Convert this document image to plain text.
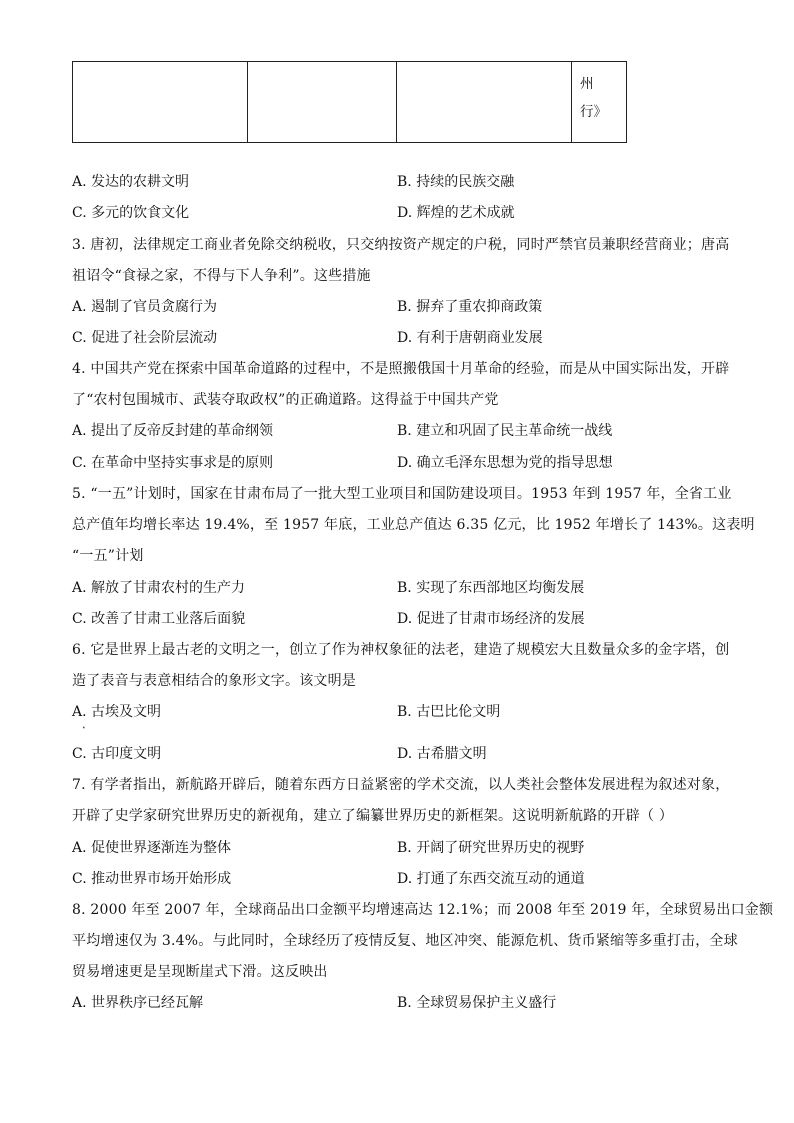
州
行》
A. 发达的农耕文明	B. 持续的民族交融
C. 多元的饮食文化	D. 辉煌的艺术成就
3. 唐初，法律规定工商业者免除交纳税收，只交纳按资产规定的户税，同时严禁官员兼职经营商业；唐高
祖诏令“食禄之家，不得与下人争利”。这些措施
A. 遏制了官员贪腐行为	B. 摒弃了重农抑商政策
C. 促进了社会阶层流动	D. 有利于唐朝商业发展
4. 中国共产党在探索中国革命道路的过程中，不是照搬俄国十月革命的经验，而是从中国实际出发，开辟
了“农村包围城市、武装夺取政权”的正确道路。这得益于中国共产党
A. 提出了反帝反封建的革命纲领	B. 建立和巩固了民主革命统一战线
C. 在革命中坚持实事求是的原则	D. 确立毛泽东思想为党的指导思想
5. “一五”计划时，国家在甘肃布局了一批大型工业项目和国防建设项目。1953 年到 1957 年，全省工业
总产值年均增长率达 19.4%，至 1957 年底，工业总产值达 6.35 亿元，比 1952 年增长了 143%。这表明
“一五”计划
A. 解放了甘肃农村的生产力	B. 实现了东西部地区均衡发展
C. 改善了甘肃工业落后面貌	D. 促进了甘肃市场经济的发展
6. 它是世界上最古老的文明之一，创立了作为神权象征的法老，建造了规模宏大且数量众多的金字塔，创
造了表音与表意相结合的象形文字。该文明是
A. 古埃及文明	B. 古巴比伦文明
•
C. 古印度文明	D. 古希腊文明
7. 有学者指出，新航路开辟后，随着东西方日益紧密的学术交流，以人类社会整体发展进程为叙述对象，
开辟了史学家研究世界历史的新视角，建立了编纂世界历史的新框架。这说明新航路的开辟（ ）
A. 促使世界逐渐连为整体	B. 开阔了研究世界历史的视野
C. 推动世界市场开始形成	D. 打通了东西交流互动的通道
8. 2000 年至 2007 年，全球商品出口金额平均增速高达 12.1%；而 2008 年至 2019 年，全球贸易出口金额
平均增速仅为 3.4%。与此同时，全球经历了疫情反复、地区冲突、能源危机、货币紧缩等多重打击，全球
贸易增速更是呈现断崖式下滑。这反映出
A. 世界秩序已经瓦解	B. 全球贸易保护主义盛行
